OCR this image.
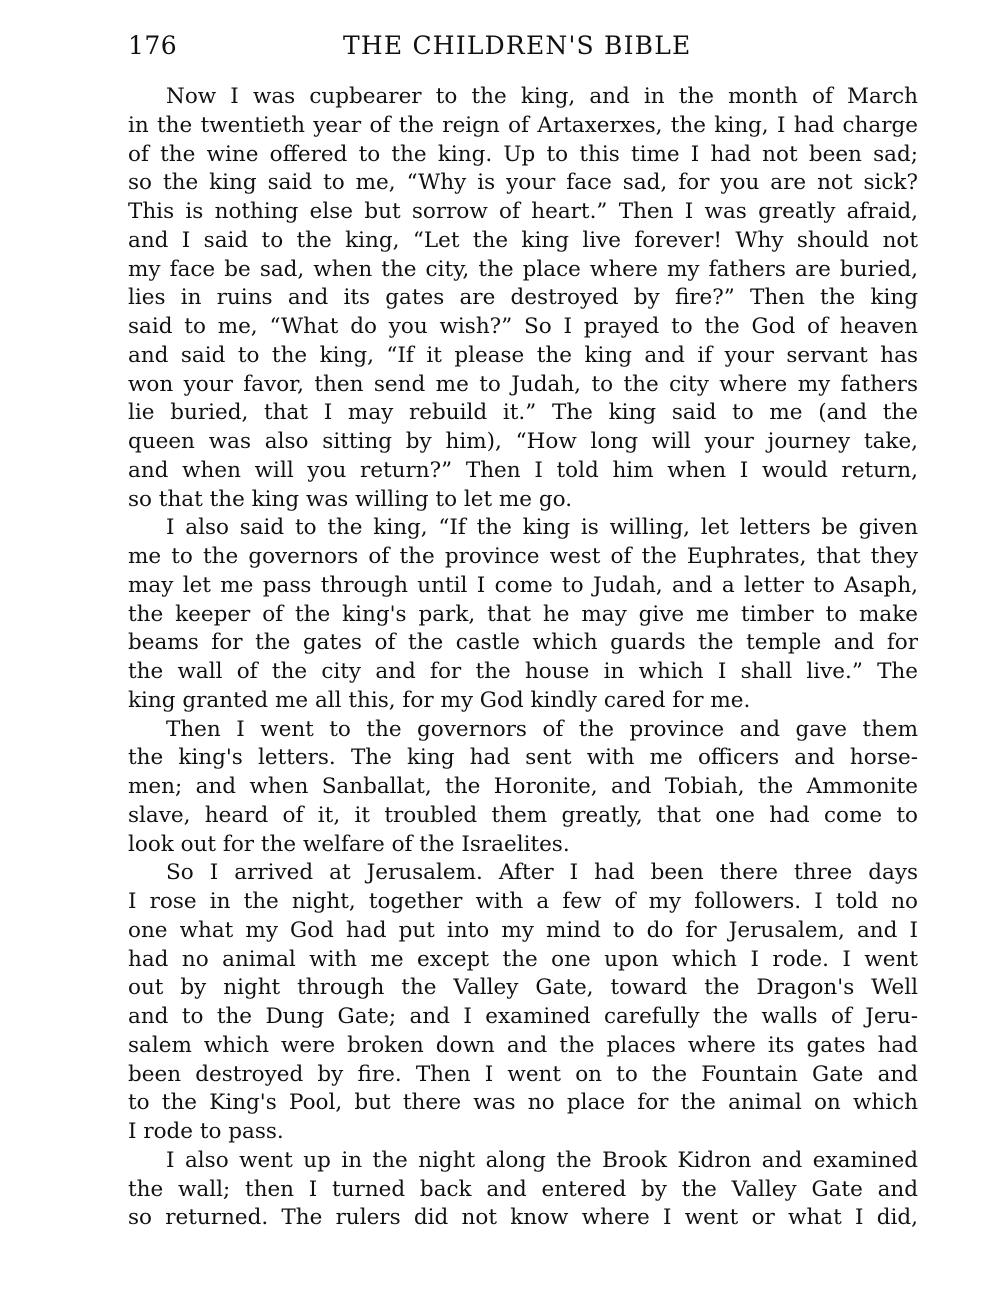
176	THE CHILDREN'S BIBLE
Now I was cupbearer to the king, and in the month of March
in the twentieth year of the reign of Artaxerxes, the king, I had charge
of the wine offered to the king. Up to this time I had not been sad;
so the king said to me, “Why is your face sad, for you are not sick?
This is nothing else but sorrow of heart.” Then I was greatly afraid,
and I said to the king, “Let the king live forever! Why should not
my face be sad, when the city, the place where my fathers are buried,
lies in ruins and its gates are destroyed by fire?” Then the king
said to me, “What do you wish?” So I prayed to the God of heaven
and said to the king, “If it please the king and if your servant has
won your favor, then send me to Judah, to the city where my fathers
lie buried, that I may rebuild it.” The king said to me (and the
queen was also sitting by him), “How long will your journey take,
and when will you return?” Then I told him when I would return,
so that the king was willing to let me go.
I also said to the king, “If the king is willing, let letters be given
me to the governors of the province west of the Euphrates, that they
may let me pass through until I come to Judah, and a letter to Asaph,
the keeper of the king's park, that he may give me timber to make
beams for the gates of the castle which guards the temple and for
the wall of the city and for the house in which I shall live.” The
king granted me all this, for my God kindly cared for me.
Then I went to the governors of the province and gave them
the king's letters. The king had sent with me officers and horse-
men; and when Sanballat, the Horonite, and Tobiah, the Ammonite
slave, heard of it, it troubled them greatly, that one had come to
look out for the welfare of the Israelites.
So I arrived at Jerusalem. After I had been there three days
I rose in the night, together with a few of my followers. I told no
one what my God had put into my mind to do for Jerusalem, and I
had no animal with me except the one upon which I rode. I went
out by night through the Valley Gate, toward the Dragon's Well
and to the Dung Gate; and I examined carefully the walls of Jeru-
salem which were broken down and the places where its gates had
been destroyed by fire. Then I went on to the Fountain Gate and
to the King's Pool, but there was no place for the animal on which
I rode to pass.
I also went up in the night along the Brook Kidron and examined
the wall; then I turned back and entered by the Valley Gate and
so returned. The rulers did not know where I went or what I did,
